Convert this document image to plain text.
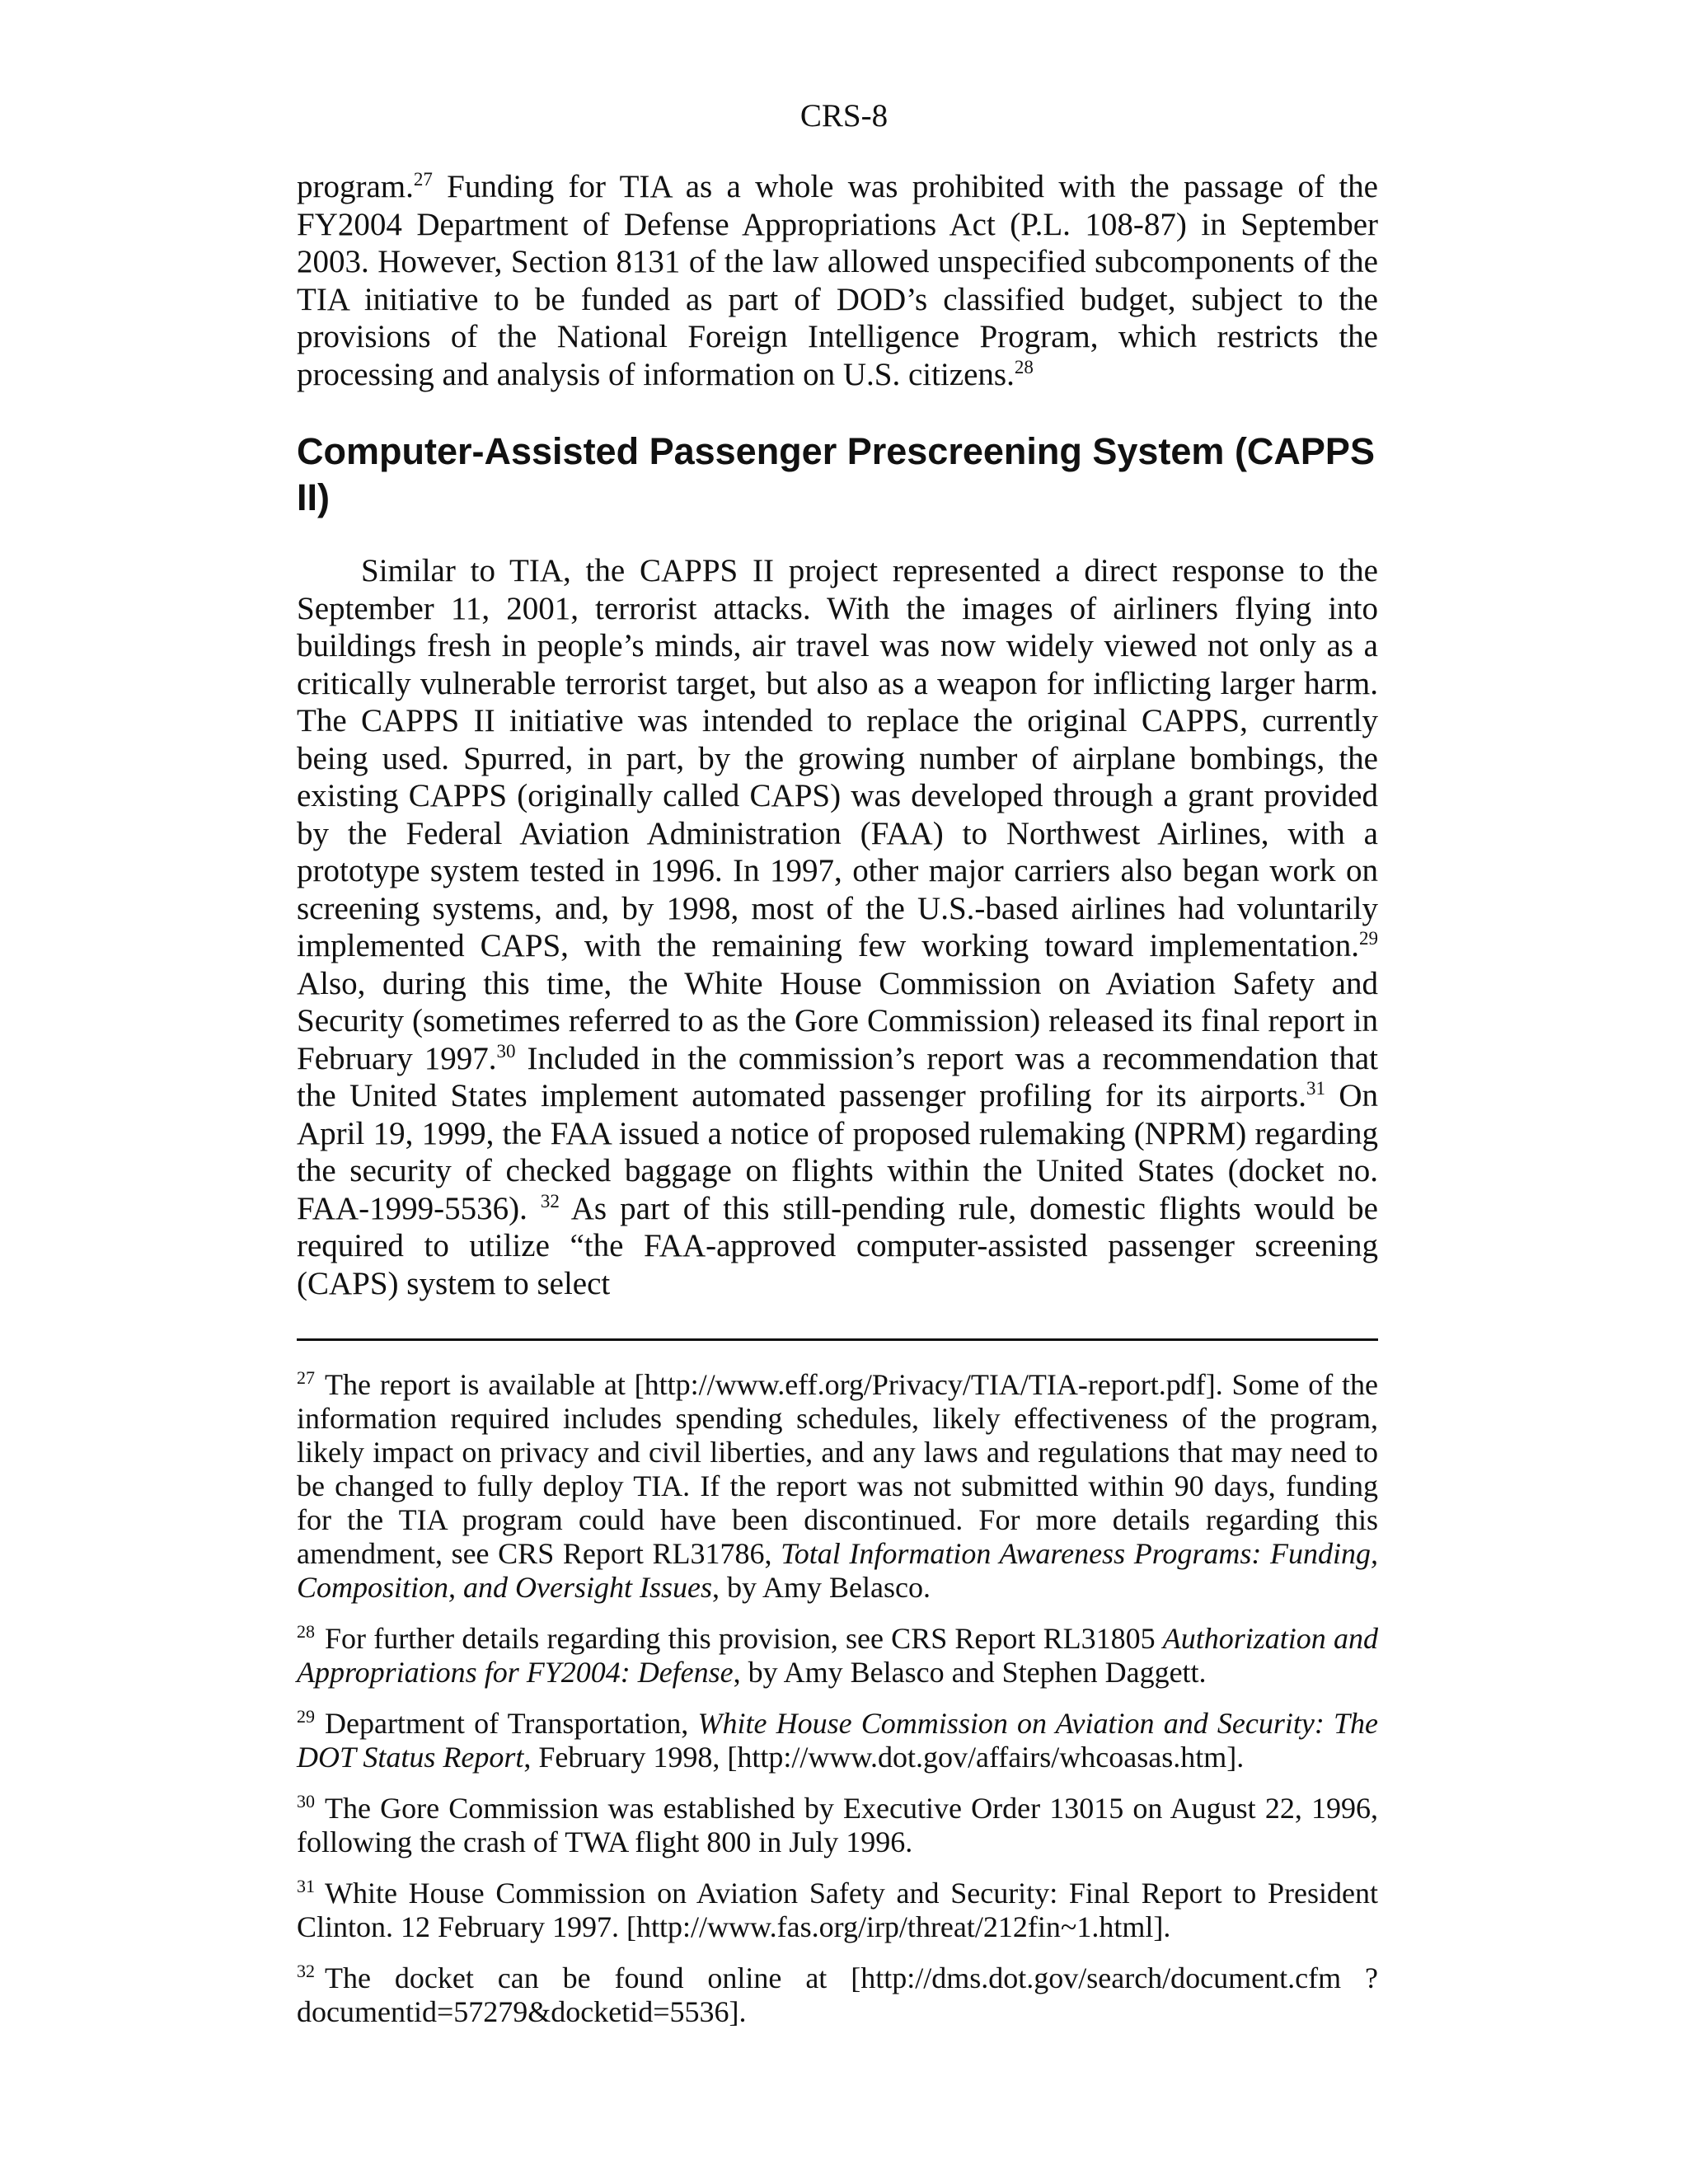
CRS-8

program.$^{27}$ Funding for TIA as a whole was prohibited with the passage of the FY2004 Department of Defense Appropriations Act (P.L. 108-87) in September 2003. However, Section 8131 of the law allowed unspecified subcomponents of the TIA initiative to be funded as part of DOD’s classified budget, subject to the provisions of the National Foreign Intelligence Program, which restricts the processing and analysis of information on U.S. citizens.$^{28}$

Computer-Assisted Passenger Prescreening System (CAPPS II)

Similar to TIA, the CAPPS II project represented a direct response to the September 11, 2001, terrorist attacks. With the images of airliners flying into buildings fresh in people’s minds, air travel was now widely viewed not only as a critically vulnerable terrorist target, but also as a weapon for inflicting larger harm. The CAPPS II initiative was intended to replace the original CAPPS, currently being used. Spurred, in part, by the growing number of airplane bombings, the existing CAPPS (originally called CAPS) was developed through a grant provided by the Federal Aviation Administration (FAA) to Northwest Airlines, with a prototype system tested in 1996. In 1997, other major carriers also began work on screening systems, and, by 1998, most of the U.S.-based airlines had voluntarily implemented CAPS, with the remaining few working toward implementation.$^{29}$ Also, during this time, the White House Commission on Aviation Safety and Security (sometimes referred to as the Gore Commission) released its final report in February 1997.30 Included in the commission’s report was a recommendation that the United States implement automated passenger profiling for its airports.$^{31}$ On April 19, 1999, the FAA issued a notice of proposed rulemaking (NPRM) regarding the security of checked baggage on flights within the United States (docket no. FAA-1999-5536). $^{32}$ As part of this still-pending rule, domestic flights would be required to utilize “the FAA-approved computer-assisted passenger screening (CAPS) system to select

$^{27}$ The report is available at [http://www.eff.org/Privacy/TIA/TIA-report.pdf]. Some of the information required includes spending schedules, likely effectiveness of the program, likely impact on privacy and civil liberties, and any laws and regulations that may need to be changed to fully deploy TIA. If the report was not submitted within 90 days, funding for the TIA program could have been discontinued. For more details regarding this amendment, see CRS Report RL31786, Total Information Awareness Programs: Funding, Composition, and Oversight Issues, by Amy Belasco.

$^{28}$ For further details regarding this provision, see CRS Report RL31805 Authorization and Appropriations for FY2004: Defense, by Amy Belasco and Stephen Daggett.

$^{29}$ Department of Transportation, White House Commission on Aviation and Security: The DOT Status Report, February 1998, [http://www.dot.gov/affairs/whcoasas.htm].

$^{30}$ The Gore Commission was established by Executive Order 13015 on August 22, 1996, following the crash of TWA flight 800 in July 1996.

$^{31}$ White House Commission on Aviation Safety and Security: Final Report to President Clinton. 12 February 1997. [http://www.fas.org/irp/threat/212fin~1.html].

$^{32}$ The docket can be found online at [http://dms.dot.gov/search/document.cfm ?documentid=57279&docketid=5536].
